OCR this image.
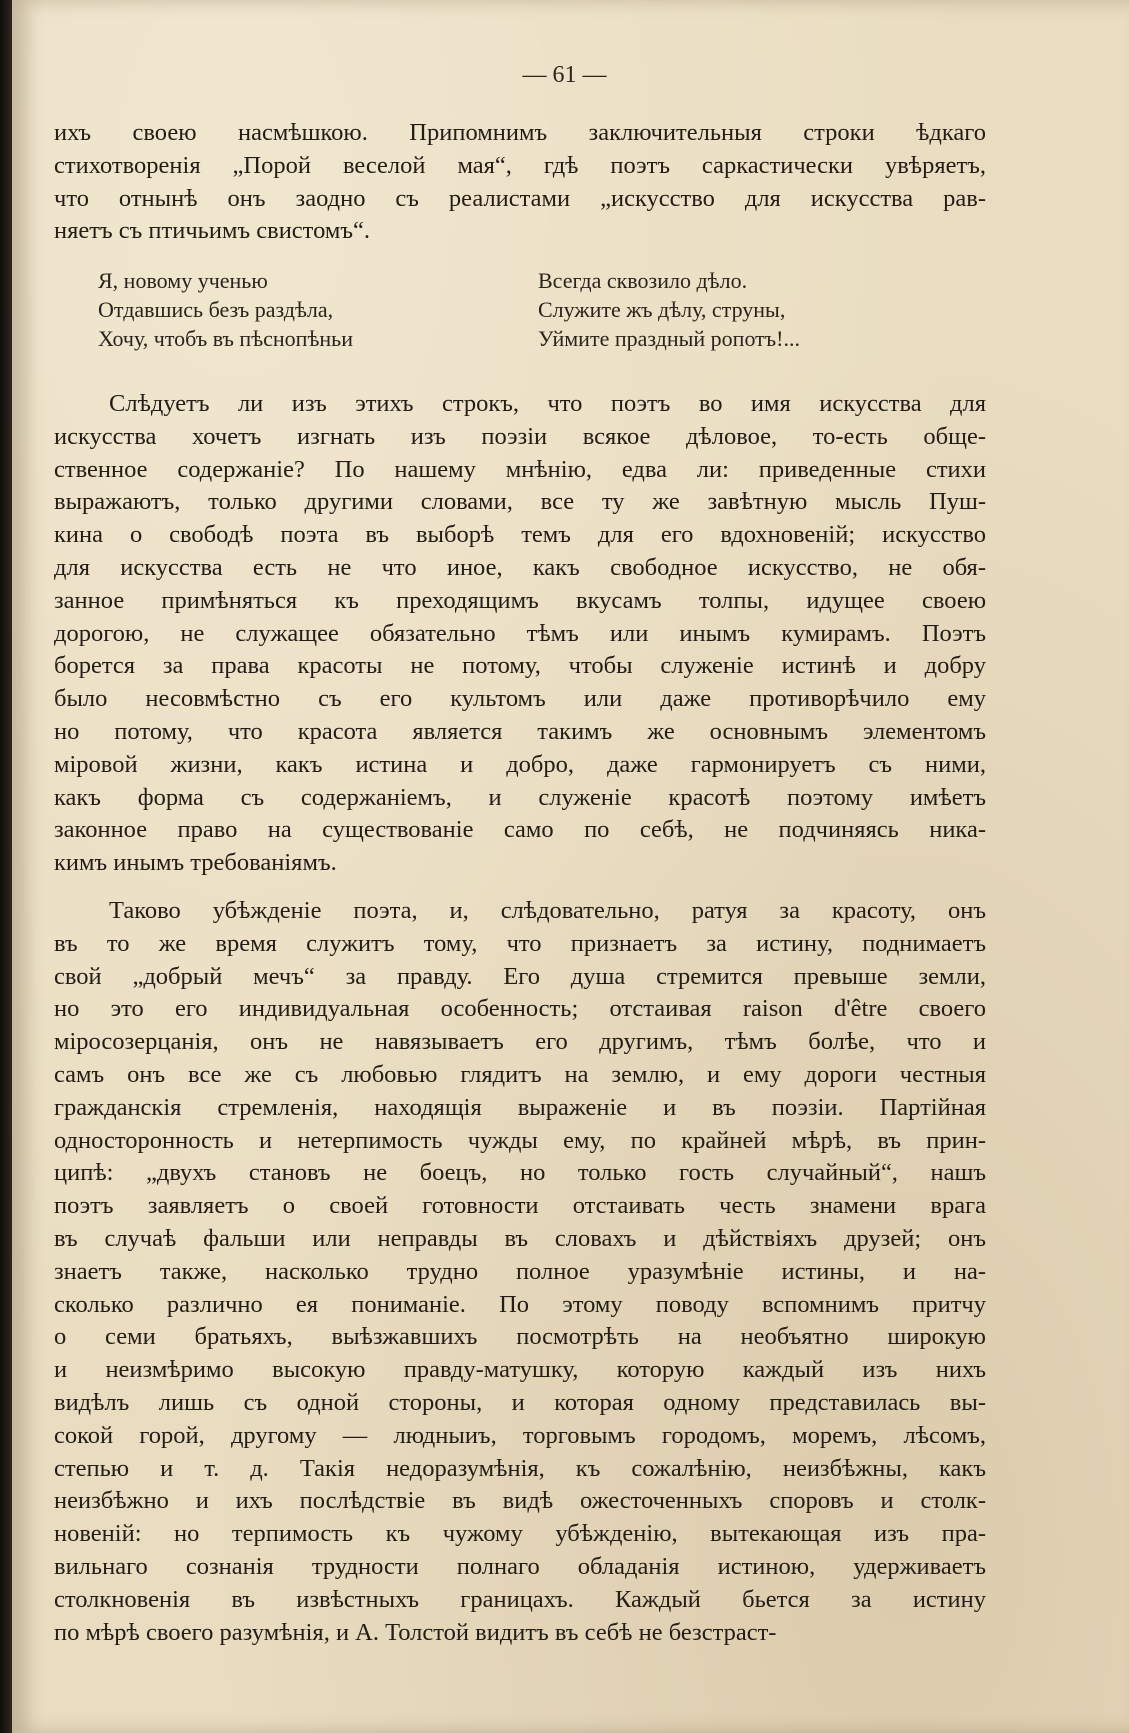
— 61 —
ихъ своею насмѣшкою. Припомнимъ заключительныя строки ѣдкаго
стихотворенія „Порой веселой мая“, гдѣ поэтъ саркастически увѣряетъ,
что отнынѣ онъ заодно съ реалистами „искусство для искусства рав-
няетъ съ птичьимъ свистомъ“.
Я, новому ученью
Отдавшись безъ раздѣла,
Хочу, чтобъ въ пѣснопѣньи
Всегда сквозило дѣло.
Служите жъ дѣлу, струны,
Уймите праздный ропотъ!...
Слѣдуетъ ли изъ этихъ строкъ, что поэтъ во имя искусства для
искусства хочетъ изгнать изъ поэзіи всякое дѣловое, то-есть обще-
ственное содержаніе? По нашему мнѣнію, едва ли: приведенные стихи
выражаютъ, только другими словами, все ту же завѣтную мысль Пуш-
кина о свободѣ поэта въ выборѣ темъ для его вдохновеній; искусство
для искусства есть не что иное, какъ свободное искусство, не обя-
занное примѣняться къ преходящимъ вкусамъ толпы, идущее своею
дорогою, не служащее обязательно тѣмъ или инымъ кумирамъ. Поэтъ
борется за права красоты не потому, чтобы служеніе истинѣ и добру
было несовмѣстно съ его культомъ или даже противорѣчило ему
но потому, что красота является такимъ же основнымъ элементомъ
міровой жизни, какъ истина и добро, даже гармонируетъ съ ними,
какъ форма съ содержаніемъ, и служеніе красотѣ поэтому имѣетъ
законное право на существованіе само по себѣ, не подчиняясь ника-
кимъ инымъ требованіямъ.
Таково убѣжденіе поэта, и, слѣдовательно, ратуя за красоту, онъ
въ то же время служитъ тому, что признаетъ за истину, поднимаетъ
свой „добрый мечъ“ за правду. Его душа стремится превыше земли,
но это его индивидуальная особенность; отстаивая raison d'être своего
міросозерцанія, онъ не навязываетъ его другимъ, тѣмъ болѣе, что и
самъ онъ все же съ любовью глядитъ на землю, и ему дороги честныя
гражданскія стремленія, находящія выраженіе и въ поэзіи. Партійная
односторонность и нетерпимость чужды ему, по крайней мѣрѣ, въ прин-
ципѣ: „двухъ становъ не боецъ, но только гость случайный“, нашъ
поэтъ заявляетъ о своей готовности отстаивать честь знамени врага
въ случаѣ фальши или неправды въ словахъ и дѣйствіяхъ друзей; онъ
знаетъ также, насколько трудно полное уразумѣніе истины, и на-
сколько различно ея пониманіе. По этому поводу вспомнимъ притчу
о семи братьяхъ, выѣзжавшихъ посмотрѣть на необъятно широкую
и неизмѣримо высокую правду-матушку, которую каждый изъ нихъ
видѣлъ лишь съ одной стороны, и которая одному представилась вы-
сокой горой, другому — людныиъ, торговымъ городомъ, моремъ, лѣсомъ,
степью и т. д. Такія недоразумѣнія, къ сожалѣнію, неизбѣжны, какъ
неизбѣжно и ихъ послѣдствіе въ видѣ ожесточенныхъ споровъ и столк-
новеній: но терпимость къ чужому убѣжденію, вытекающая изъ пра-
вильнаго сознанія трудности полнаго обладанія истиною, удерживаетъ
столкновенія въ извѣстныхъ границахъ. Каждый бьется за истину
по мѣрѣ своего разумѣнія, и А. Толстой видитъ въ себѣ не безстраст-
